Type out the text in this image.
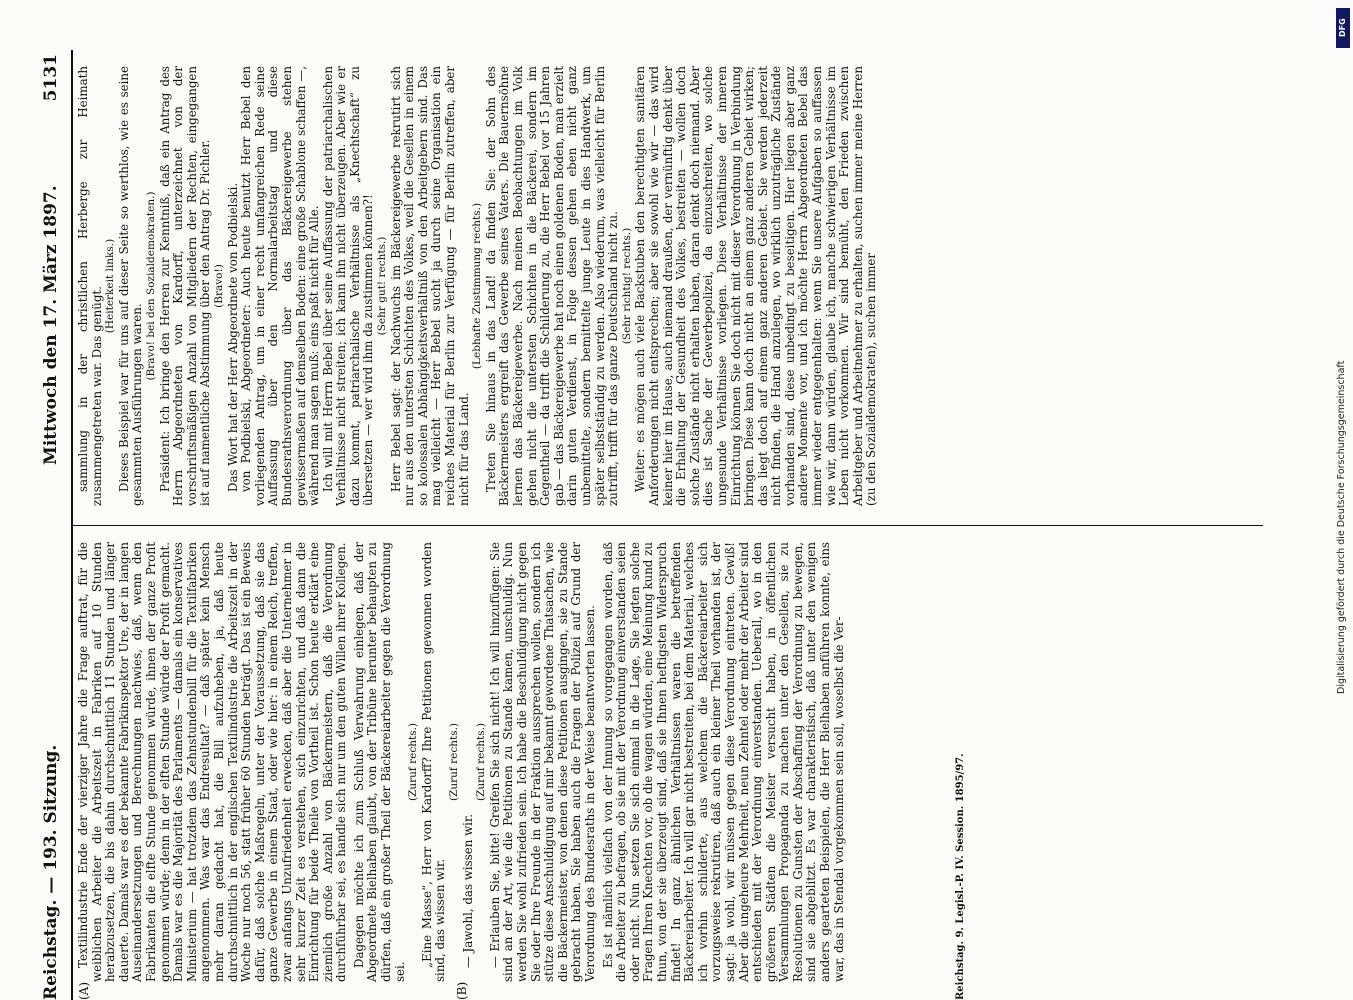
Reichstag. — 193. Sitzung.
Mittwoch den 17. März 1897.
5131
(A)	(B)

Textilindustrie Ende der vierziger Jahre die Frage auftrat, für die weiblichen Arbeiter die Arbeitszeit in Fabriken auf 10 Stunden herabzusetzen, die bis dahin durchschnittlich 11 Stunden und länger dauerte. Damals war es der bekannte Fabrikinspektor Ure, der in langen Auseinandersetzungen und Berechnungen nachwies, daß, wenn den Fabrikanten die elfte Stunde genommen würde, ihnen der ganze Profit genommen würde; denn in der elften Stunde würde der Profit gemacht. Damals war es die Majorität des Parlaments — damals ein konservatives Ministerium — hat trotzdem das Zehnstundenbill für die Textilfabriken angenommen. Was war das Endresultat? — daß später kein Mensch mehr daran gedacht hat, die Bill aufzuheben, ja, daß heute durchschnittlich in der englischen Textilindustrie die Arbeitszeit in der Woche nur noch 56, statt früher 60 Stunden beträgt. Das ist ein Beweis dafür, daß solche Maßregeln, unter der Voraussetzung, daß sie das ganze Gewerbe in einem Staat, oder wie hier: in einem Reich, treffen, zwar anfangs Unzufriedenheit erwecken, daß aber die Unternehmer in sehr kurzer Zeit es verstehen, sich einzurichten, und daß dann die Einrichtung für beide Theile von Vortheil ist. Schon heute erklärt eine ziemlich große Anzahl von Bäckermeistern, daß die Verordnung durchführbar sei, es handle sich nur um den guten Willen ihrer Kollegen. Dagegen möchte ich zum Schluß Verwahrung einlegen, daß der Abgeordnete Bielhaben glaubt, von der Tribüne herunter behaupten zu dürfen, daß ein großer Theil der Bäckereiarbeiter gegen die Verordnung sei.

(Zuruf rechts.) „Eine Masse“, Herr von Kardorff? Ihre Petitionen gewonnen worden sind, das wissen wir.

(Zuruf rechts.)

— Jawohl, das wissen wir.

(Zuruf rechts.) — Erlauben Sie, bitte! Greifen Sie sich nicht! Ich will hinzufügen: Sie sind an der Art, wie die Petitionen zu Stande kamen, unschuldig. Nun werden Sie wohl zufrieden sein. Ich habe die Beschuldigung nicht gegen Sie oder Ihre Freunde in der Fraktion aussprechen wollen, sondern ich stütze diese Anschuldigung auf mir bekannt gewordene Thatsachen, wie die Bäckermeister, von denen diese Petitionen ausgingen, sie zu Stande gebracht haben. Sie haben auch die Fragen der Polizei auf Grund der Verordnung des Bundesraths in der Weise beantworten lassen. Es ist nämlich vielfach von der Innung so vorgegangen worden, daß die Arbeiter zu befragen, ob sie mit der Verordnung einverstanden seien oder nicht. Nun setzen Sie sich einmal in die Lage, Sie legten solche Fragen Ihren Knechten vor, ob die wagen würden, eine Meinung kund zu thun, von der sie überzeugt sind, daß sie Ihnen heftigsten Widerspruch findet! In ganz ähnlichen Verhältnissen waren die betreffenden Bäckereiarbeiter. Ich will gar nicht bestreiten, bei dem Material, welches ich vorhin schilderte, aus welchem die Bäckereiarbeiter sich vorzugsweise rekrutiren, daß auch ein kleiner Theil vorhanden ist, der sagt: ja wohl, wir müssen gegen diese Verordnung eintreten. Gewiß! Aber die ungeheure Mehrheit, neun Zehntel oder mehr der Arbeiter sind entschieden mit der Verordnung einverstanden. Ueberall, wo in den größeren Städten die Meister versucht haben, in öffentlichen Versammlungen Propaganda zu machen unter den Gesellen, sie zu Resolutionen zu Gunsten der Abschaffung der Verordnung zu bewegen, sind sie abgeblitzt. Es war charakteristisch, daß unter den wenigen anders gearteten Beispielen, die Herr Bielhaben anführen konnte, eins war, das in Stendal vorgekommen sein soll, woselbst die Ver-

sammlung in der christlichen Herberge zur Heimath zusammengetreten war. Das genügt.

(Heiterkeit links.) Dieses Beispiel war für uns auf dieser Seite so werthlos, wie es seine gesammten Ausführungen waren.

(Bravo! bei den Sozialdemokraten.) Präsident: Ich bringe den Herren zur Kenntniß, daß ein Antrag des Herrn Abgeordneten von Kardorff, unterzeichnet von der vorschriftsmäßigen Anzahl von Mitgliedern der Rechten, eingegangen ist auf namentliche Abstimmung über den Antrag Dr. Pichler. (Bravo!) Das Wort hat der Herr Abgeordnete von Podbielski. von Podbielski, Abgeordneter: Auch heute benutzt Herr Bebel den vorliegenden Antrag, um in einer recht umfangreichen Rede seine Auffassung über den Normalarbeitstag und diese Bundesrathsverordnung über das Bäckereigewerbe stehen gewissermaßen auf demselben Boden: eine große Schablone schaffen —, während man sagen muß: eins paßt nicht für Alle. Ich will mit Herrn Bebel über seine Auffassung der patriarchalischen Verhältnisse nicht streiten; ich kann ihn nicht überzeugen. Aber wie er dazu kommt, patriarchalische Verhältnisse als „Knechtschaft“ zu übersetzen — wer wird ihm da zustimmen können?! (Sehr gut! rechts.) Herr Bebel sagt: der Nachwuchs im Bäckereigewerbe rekrutirt sich nur aus den untersten Schichten des Volkes, weil die Gesellen in einem so kolossalen Abhängigkeitsverhältniß von den Arbeitgebern sind. Das mag vielleicht — Herr Bebel sucht ja durch seine Organisation ein reiches Material für Berlin zur Verfügung — für Berlin zutreffen, aber nicht für das Land.

(Lebhafte Zustimmung rechts.) Treten Sie hinaus in das Land! da finden Sie: der Sohn des Bäckermeisters ergreift das Gewerbe seines Vaters. Die Bauernsöhne lernen das Bäckereigewerbe. Nach meinen Beobachtungen im Volk gehen nicht die untersten Schichten in die Bäckerei, sondern im Gegentheil — da trifft die Schilderung zu, die Herr Bebel vor 15 Jahren gab — das Bäckereigewerbe hat noch einen goldenen Boden, man erzielt darin guten Verdienst, in Folge dessen gehen eben nicht ganz unbemittelte, sondern bemittelte junge Leute in dies Handwerk, um später selbstständig zu werden. Also wiederum, was vielleicht für Berlin zutrifft, trifft für das ganze Deutschland nicht zu. (Sehr richtig! rechts.) Weiter: es mögen auch viele Backstuben den berechtigten sanitären Anforderungen nicht entsprechen; aber sie sowohl wie wir — das wird keiner hier im Hause, auch niemand draußen, der vernünftig denkt über die Erhaltung der Gesundheit des Volkes, bestreiten — wollen doch solche Zustände nicht erhalten haben, daran denkt doch niemand. Aber dies ist Sache der Gewerbepolizei, da einzuschreiten, wo solche ungesunde Verhältnisse vorliegen. Diese Verhältnisse der inneren Einrichtung können Sie doch nicht mit dieser Verordnung in Verbindung bringen. Diese kann doch nicht an einem ganz anderen Gebiet wirken; das liegt doch auf einem ganz anderen Gebiet. Sie werden jederzeit nicht finden, die Hand anzulegen, wo wirklich unzuträgliche Zustände vorhanden sind, diese unbedingt zu beseitigen. Hier liegen aber ganz andere Momente vor, und ich möchte Herrn Abgeordneten Bebel das immer wieder entgegenhalten: wenn Sie unsere Aufgaben so auffassen wie wir, dann würden, glaube ich, manche schwierigen Verhältnisse im Leben nicht vorkommen. Wir sind bemüht, den Frieden zwischen Arbeitgeber und Arbeitnehmer zu erhalten, suchen immer meine Herren (zu den Sozialdemokraten), suchen immer

Reichstag. 9. Legisl.-P. IV. Session. 1895/97.
DFG
Digitalisierung gefördert durch die Deutsche Forschungsgemeinschaft
